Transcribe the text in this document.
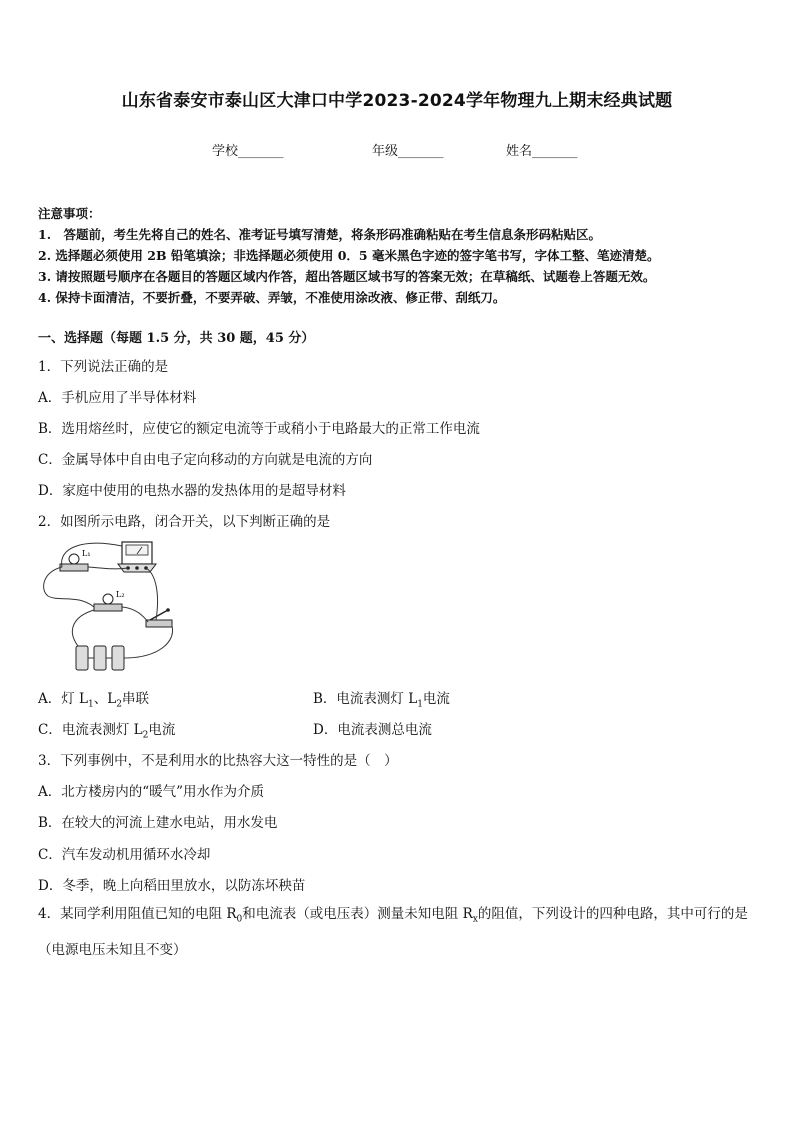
山东省泰安市泰山区大津口中学2023-2024学年物理九上期末经典试题
学校_______	年级_______	姓名_______
注意事项：
1.　答题前，考生先将自己的姓名、准考证号填写清楚，将条形码准确粘贴在考生信息条形码粘贴区。
2. 选择题必须使用 2B 铅笔填涂；非选择题必须使用 0．5 毫米黑色字迹的签字笔书写，字体工整、笔迹清楚。
3. 请按照题号顺序在各题目的答题区域内作答，超出答题区域书写的答案无效；在草稿纸、试题卷上答题无效。
4. 保持卡面清洁，不要折叠，不要弄破、弄皱，不准使用涂改液、修正带、刮纸刀。
一、选择题（每题 1.5 分，共 30 题，45 分）
1．下列说法正确的是
A．手机应用了半导体材料
B．选用熔丝时，应使它的额定电流等于或稍小于电路最大的正常工作电流
C．金属导体中自由电子定向移动的方向就是电流的方向
D．家庭中使用的电热水器的发热体用的是超导材料
2．如图所示电路，闭合开关，以下判断正确的是
L₁
L₂
A．灯 $L_1$、$L_2$串联	B．电流表测灯 $L_1$电流
C．电流表测灯 $L_2$电流	D．电流表测总电流
3．下列事例中，不是利用水的比热容大这一特性的是（　）
A．北方楼房内的“暖气”用水作为介质
B．在较大的河流上建水电站，用水发电
C．汽车发动机用循环水冷却
D．冬季，晚上向稻田里放水，以防冻坏秧苗
4．某同学利用阻值已知的电阻 $R_0$和电流表（或电压表）测量未知电阻 $R_x$的阻值，下列设计的四种电路，其中可行的是（电源电压未知且不变）
